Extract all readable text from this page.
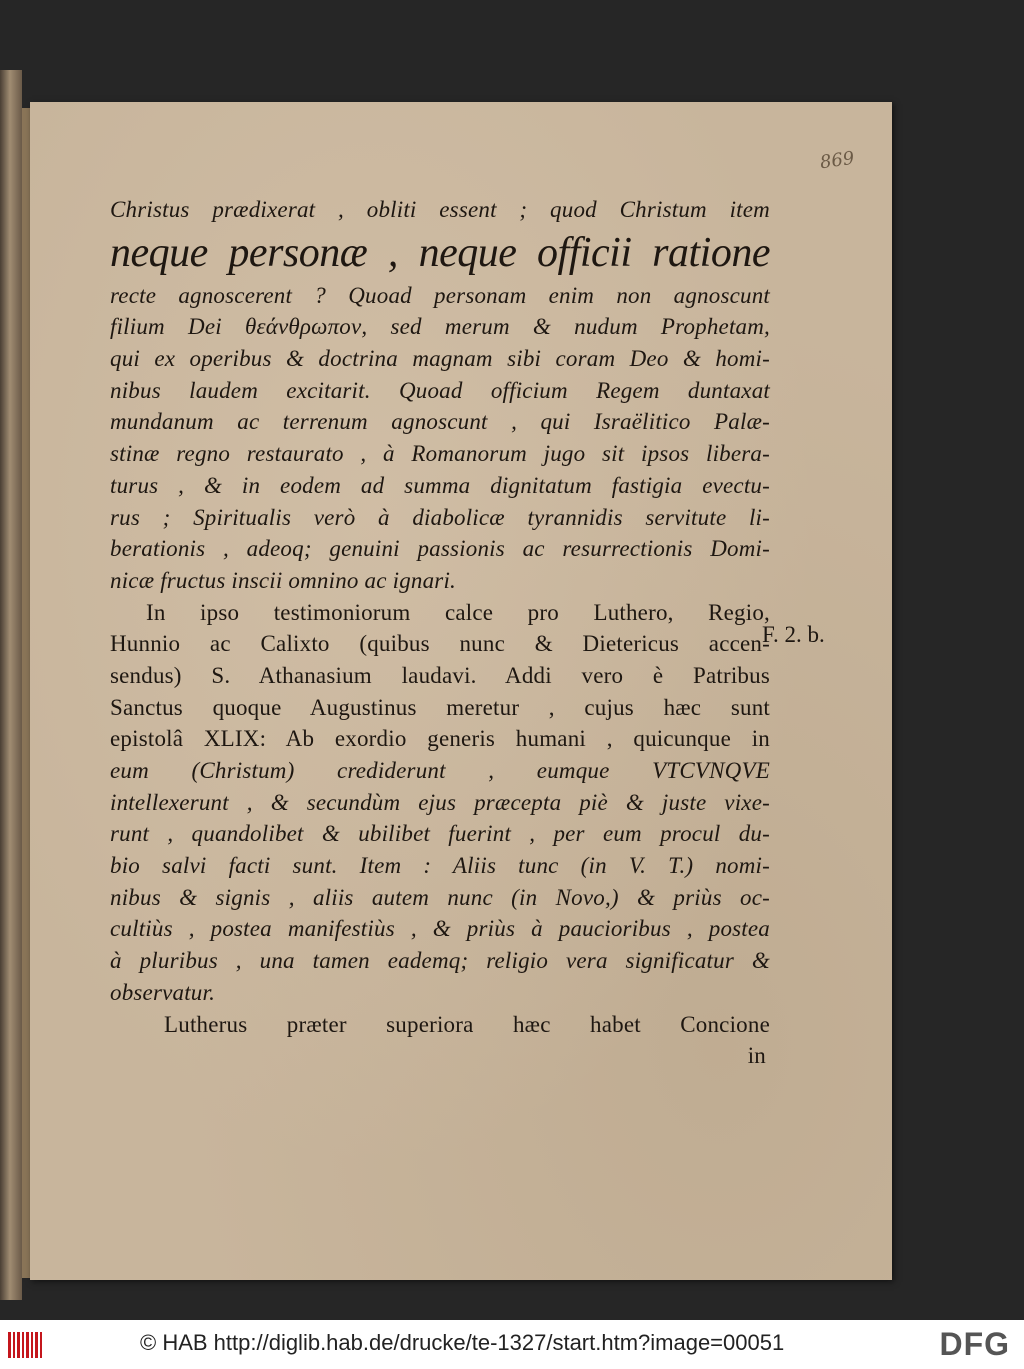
869
Christus prædixerat , obliti essent ; quod Christum item
neque personæ , neque officii ratione
recte agnoscerent ? Quoad personam enim non agnoscunt
filium Dei θεάνθρωπον, sed merum & nudum Prophetam,
qui ex operibus & doctrina magnam sibi coram Deo & homi-
nibus laudem excitarit. Quoad officium Regem duntaxat
mundanum ac terrenum agnoscunt , qui Israëlitico Palæ-
stinæ regno restaurato , à Romanorum jugo sit ipsos libera-
turus , & in eodem ad summa dignitatum fastigia evectu-
rus ; Spiritualis verò à diabolicæ tyrannidis servitute li-
berationis , adeoq; genuini passionis ac resurrectionis Domi-
nicæ fructus inscii omnino ac ignari.
In ipso testimoniorum calce pro Luthero, Regio,
Hunnio ac Calixto (quibus nunc & Dietericus accen-
sendus) S. Athanasium laudavi. Addi vero è Patribus
Sanctus quoque Augustinus meretur , cujus hæc sunt
epistolâ XLIX: Ab exordio generis humani , quicunque in
eum (Christum) crediderunt , eumque VTCVNQVE
intellexerunt , & secundùm ejus præcepta piè & juste vixe-
runt , quandolibet & ubilibet fuerint , per eum procul du-
bio salvi facti sunt. Item : Aliis tunc (in V. T.) nomi-
nibus & signis , aliis autem nunc (in Novo,) & priùs oc-
cultiùs , postea manifestiùs , & priùs à paucioribus , postea
à pluribus , una tamen eademq; religio vera significatur &
observatur.
Lutherus præter superiora hæc habet Concione
in
F. 2. b.
© HAB http://diglib.hab.de/drucke/te-1327/start.htm?image=00051	DFG
